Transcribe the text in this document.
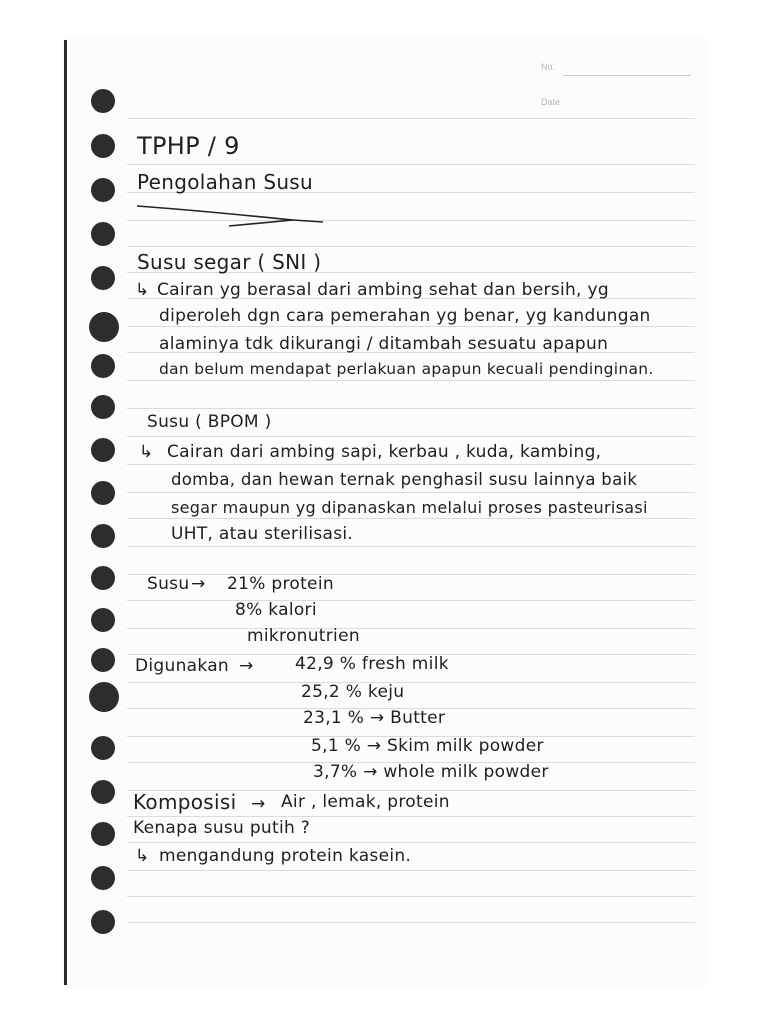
No.
Date
TPHP / 9
Pengolahan Susu
Susu segar ( SNI )
↳ Cairan yg berasal dari ambing sehat dan bersih, yg
diperoleh dgn cara pemerahan yg benar, yg kandungan
alaminya tdk dikurangi / ditambah sesuatu apapun
dan belum mendapat perlakuan apapun kecuali pendinginan.
Susu ( BPOM )
↳ Cairan dari ambing sapi, kerbau , kuda, kambing,
domba, dan hewan ternak penghasil susu lainnya baik
segar maupun yg dipanaskan melalui proses pasteurisasi
UHT, atau sterilisasi.
Susu → 21% protein
8% kalori
mikronutrien
Digunakan → 42,9 % fresh milk
25,2 % keju
23,1 % → Butter
5,1 % → Skim milk powder
3,7% → whole milk powder
Komposisi → Air , lemak, protein
Kenapa susu putih ?
↳ mengandung protein kasein.
